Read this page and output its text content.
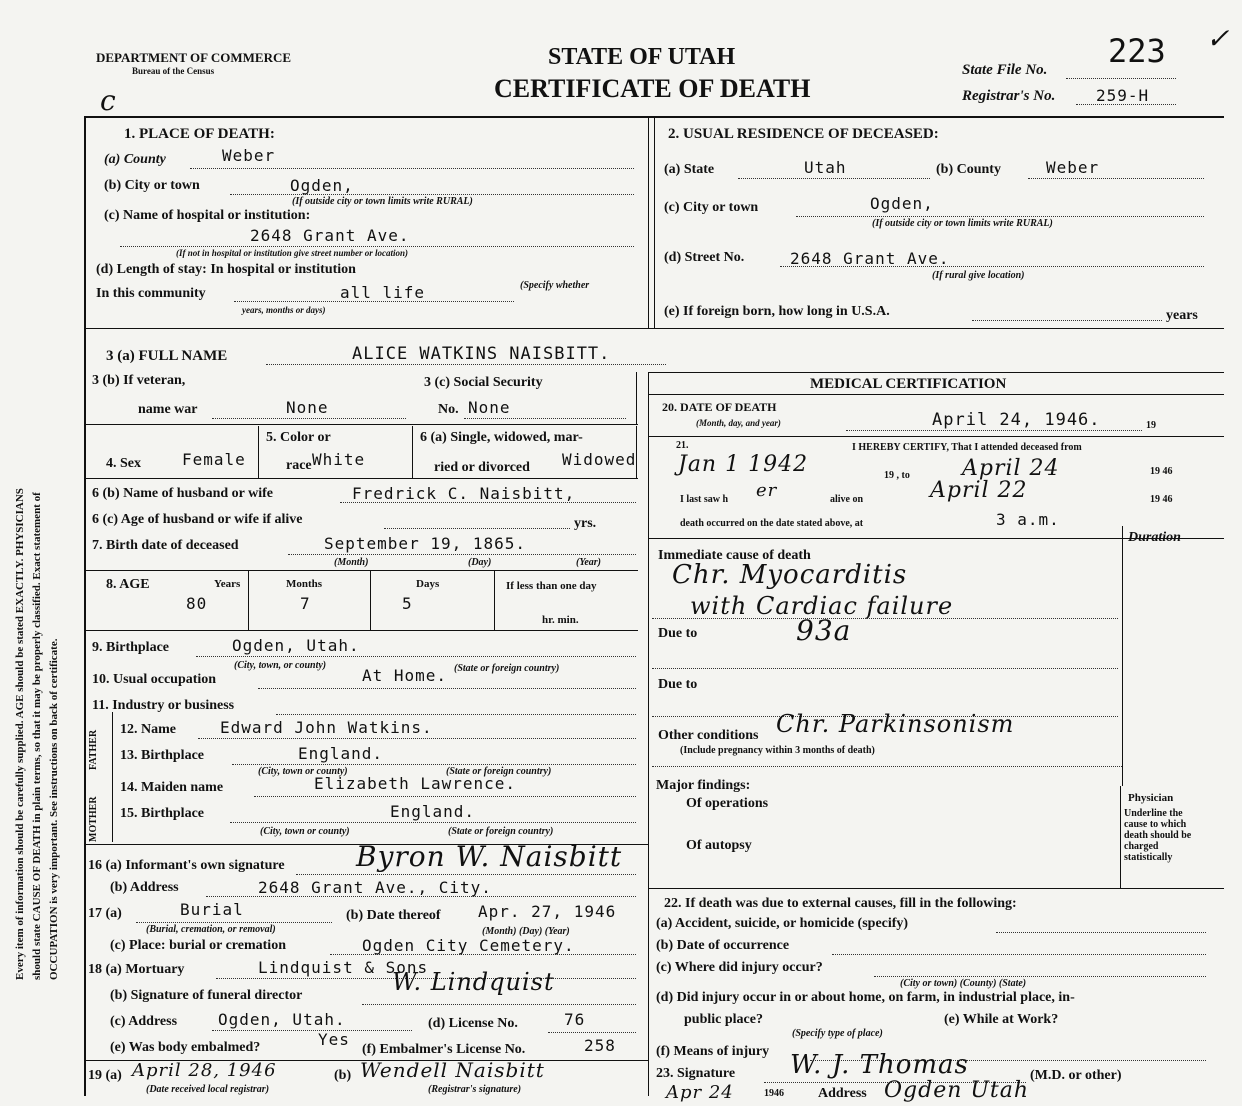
Every item of information should be carefully supplied. AGE should be stated EXACTLY. PHYSICIANS should state CAUSE OF DEATH in plain terms, so that it may be properly classified. Exact statement of OCCUPATION is very important. See instructions on back of certificate.
DEPARTMENT OF COMMERCE
Bureau of the Census
c
STATE OF UTAH
CERTIFICATE OF DEATH
State File No. 223 ✓
Registrar's No.	259-H
1. PLACE OF DEATH:
(a) County	Weber
(b) City or town	Ogden,
(If outside city or town limits write RURAL)
(c) Name of hospital or institution:
2648 Grant Ave.
(If not in hospital or institution give street number or location)
(d) Length of stay: In hospital or institution
In this community	all life	(Specify whether
years, months or days)
2. USUAL RESIDENCE OF DECEASED:
(a) State	Utah	(b) County	Weber
(c) City or town	Ogden,
(If outside city or town limits write RURAL)
(d) Street No.	2648 Grant Ave.
(If rural give location)
(e) If foreign born, how long in U.S.A.	years
3 (a) FULL NAME	ALICE WATKINS NAISBITT.
3 (b) If veteran,
name war	None
3 (c) Social Security
No. None
4. Sex	Female
5. Color or
race White
6 (a) Single, widowed, mar-
ried or divorced Widowed
6 (b) Name of husband or wife	Fredrick C. Naisbitt,
6 (c) Age of husband or wife if alive	yrs.
7. Birth date of deceased	September 19, 1865.
(Month)	(Day)	(Year)
8. AGE	Years	Months	Days	If less than one day
hr. min.
80	7	5
9. Birthplace	Ogden, Utah.
(City, town, or county)	(State or foreign country)
10. Usual occupation	At Home.
11. Industry or business
FATHER
MOTHER
12. Name	Edward John Watkins.
13. Birthplace	England.
(City, town or county)	(State or foreign country)
14. Maiden name	Elizabeth Lawrence.
15. Birthplace	England.
(City, town or county)	(State or foreign country)
16 (a) Informant's own signature	Byron W. Naisbitt
(b) Address	2648 Grant Ave., City.
17 (a)	Burial
(Burial, cremation, or removal)
(b) Date thereof Apr. 27, 1946
(Month) (Day) (Year)
(c) Place: burial or cremation	Ogden City Cemetery.
18 (a) Mortuary	Lindquist & Sons
(b) Signature of funeral director	W. Lindquist
(c) Address	Ogden, Utah.	(d) License No.	76
(e) Was body embalmed?	Yes
(f) Embalmer's License No.	258
19 (a) April 28, 1946
(Date received local registrar)
(b) Wendell Naisbitt
(Registrar's signature)
MEDICAL CERTIFICATION
20. DATE OF DEATH
(Month, day, and year)	April 24, 1946.	19
21.	I HEREBY CERTIFY, That I attended deceased from
Jan 1 1942	19 , to April 24	19 46
I last saw h er	alive on	April 22	19 46
death occurred on the date stated above, at	3 a.m.
Duration
Immediate cause of death
Chr. Myocarditis
with Cardiac failure
Due to	93a
Due to
Other conditions
(Include pregnancy within 3 months of death)
Chr. Parkinsonism
Major findings:
Of operations
Of autopsy
Physician
Underline the cause to which death should be charged statistically
22. If death was due to external causes, fill in the following:
(a) Accident, suicide, or homicide (specify)
(b) Date of occurrence
(c) Where did injury occur?
(City or town) (County) (State)
(d) Did injury occur in or about home, on farm, in industrial place, in-
public place?
(Specify type of place)
(e) While at Work?
(f) Means of injury
23. Signature W. J. Thomas	(M.D. or other)
Apr 24	1946 Address Ogden Utah
